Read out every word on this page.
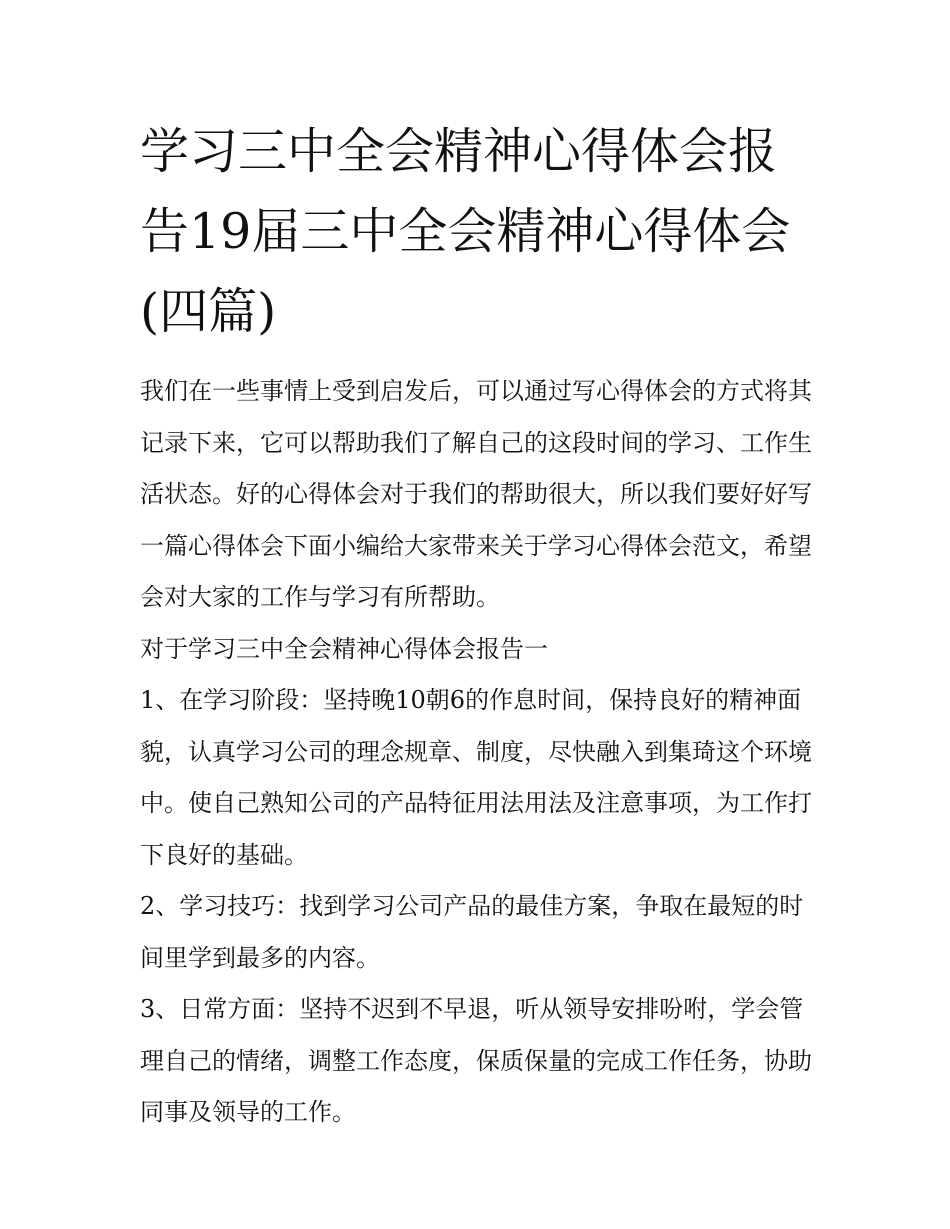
学习三中全会精神心得体会报告19届三中全会精神心得体会(四篇)

我们在一些事情上受到启发后，可以通过写心得体会的方式将其记录下来，它可以帮助我们了解自己的这段时间的学习、工作生活状态。好的心得体会对于我们的帮助很大，所以我们要好好写一篇心得体会下面小编给大家带来关于学习心得体会范文，希望会对大家的工作与学习有所帮助。

对于学习三中全会精神心得体会报告一

1、在学习阶段：坚持晚10朝6的作息时间，保持良好的精神面貌，认真学习公司的理念规章、制度，尽快融入到集琦这个环境中。使自己熟知公司的产品特征用法用法及注意事项，为工作打下良好的基础。

2、学习技巧：找到学习公司产品的最佳方案，争取在最短的时间里学到最多的内容。

3、日常方面：坚持不迟到不早退，听从领导安排吩咐，学会管理自己的情绪，调整工作态度，保质保量的完成工作任务，协助同事及领导的工作。
